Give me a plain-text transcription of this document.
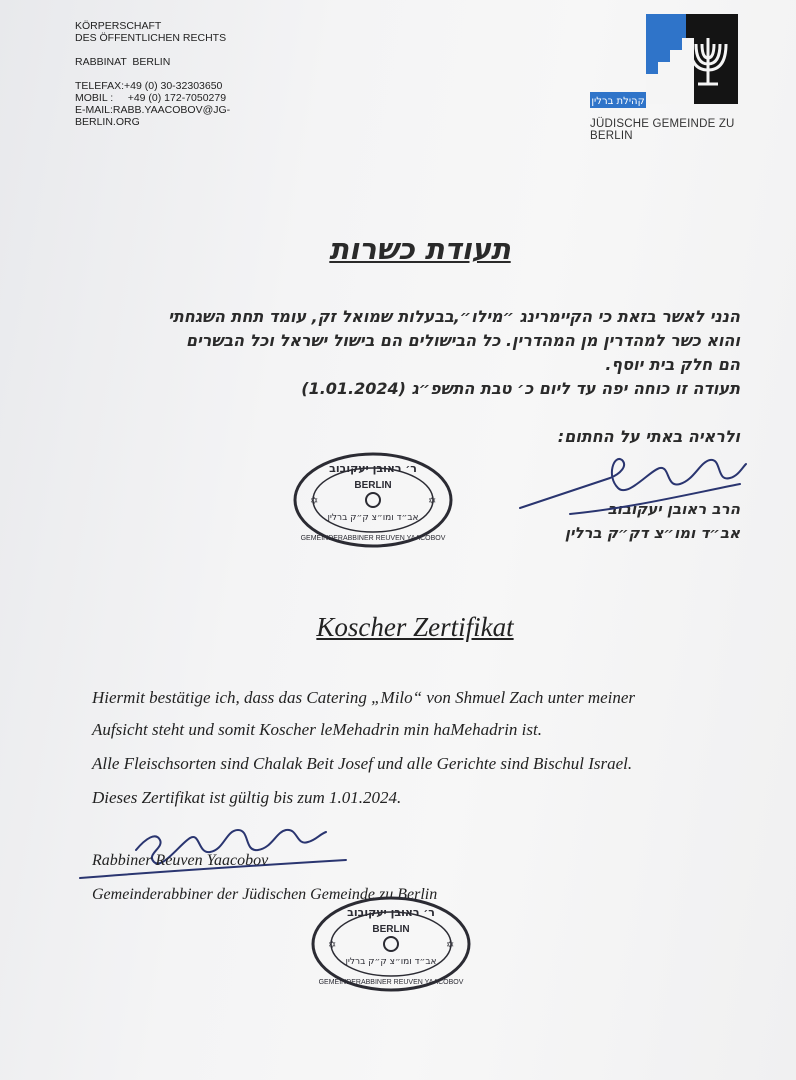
KÖRPERSCHAFT
DES ÖFFENTLICHEN RECHTS
RABBINAT  BERLIN
TELEFAX:+49 (0) 30-32303650
MOBIL :     +49 (0) 172-7050279
E-MAIL:RABB.YAACOBOV@JG-
BERLIN.ORG
קהילת ברלין
JÜDISCHE GEMEINDE ZU BERLIN
תעודת כשרות
הנני לאשר בזאת כי הקיימרינג ״מילו״,בבעלות שמואל זק, עומד תחת השגחתי
והוא כשר למהדרין מן המהדרין. כל הבישולים הם בישול ישראל וכל הבשרים
הם חלק בית יוסף.
תעודה זו כוחה יפה עד ליום כ׳ טבת התשפ״ג (1.01.2024)
ולראיה באתי על החתום:
הרב ראובן יעקובוב
אב״ד ומו״צ דק״ק ברלין
ר׳ ראובן יעקובוב
BERLIN
אב״ד ומו״צ ק״ק ברלין
GEMEINDERABBINER REUVEN YAACOBOV
✡	✡
Koscher Zertifikat
Hiermit bestätige ich, dass das Catering „Milo“ von Shmuel Zach unter meiner
Aufsicht steht und somit Koscher leMehadrin min haMehadrin ist.
Alle Fleischsorten sind Chalak Beit Josef und alle Gerichte sind Bischul Israel.
Dieses Zertifikat ist gültig bis zum 1.01.2024.
Rabbiner Reuven Yaacobov
Gemeinderabbiner der Jüdischen Gemeinde zu Berlin
ר׳ ראובן יעקובוב
BERLIN
אב״ד ומו״צ ק״ק ברלין
GEMEINDERABBINER REUVEN YAACOBOV
✡	✡
